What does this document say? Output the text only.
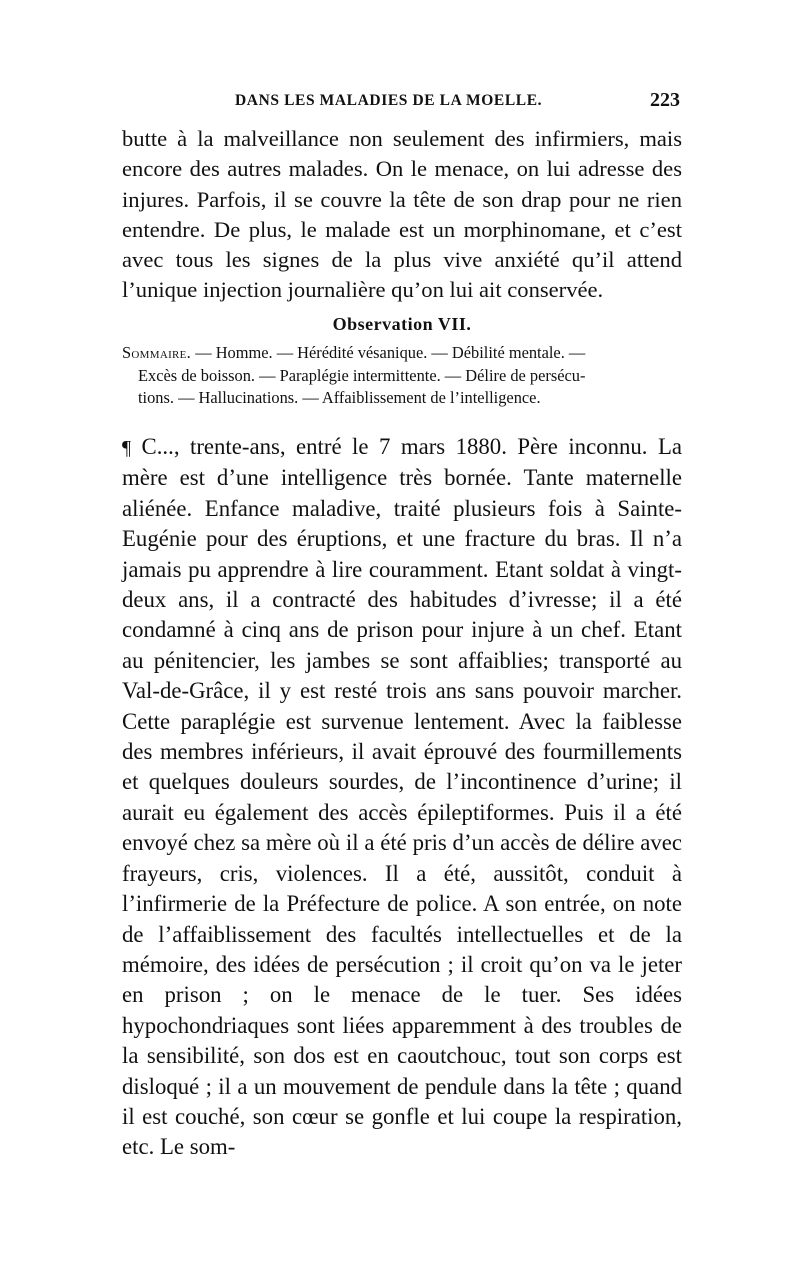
DANS LES MALADIES DE LA MOELLE.	223

butte à la malveillance non seulement des infirmiers, mais encore des autres malades. On le menace, on lui adresse des injures. Parfois, il se couvre la tête de son drap pour ne rien entendre. De plus, le malade est un morphinomane, et c’est avec tous les signes de la plus vive anxiété qu’il attend l’unique injection journalière qu’on lui ait conservée.

Observation VII.

Sommaire. — Homme. — Hérédité vésanique. — Débilité mentale. —
Excès de boisson. — Paraplégie intermittente. — Délire de persécu-
tions. — Hallucinations. — Affaiblissement de l’intelligence.

¶ C..., trente-ans, entré le 7 mars 1880. Père inconnu. La mère est d’une intelligence très bornée. Tante maternelle aliénée. Enfance maladive, traité plusieurs fois à Sainte-Eugénie pour des éruptions, et une fracture du bras. Il n’a jamais pu apprendre à lire couramment. Etant soldat à vingt-deux ans, il a contracté des habitudes d’ivresse; il a été condamné à cinq ans de prison pour injure à un chef. Etant au pénitencier, les jambes se sont affaiblies; transporté au Val-de-Grâce, il y est resté trois ans sans pouvoir marcher. Cette paraplégie est survenue lentement. Avec la faiblesse des membres inférieurs, il avait éprouvé des fourmillements et quelques douleurs sourdes, de l’incontinence d’urine; il aurait eu également des accès épileptiformes. Puis il a été envoyé chez sa mère où il a été pris d’un accès de délire avec frayeurs, cris, violences. Il a été, aussitôt, conduit à l’infirmerie de la Préfecture de police. A son entrée, on note de l’affaiblissement des facultés intellectuelles et de la mémoire, des idées de persécution ; il croit qu’on va le jeter en prison ; on le menace de le tuer. Ses idées hypochondriaques sont liées apparemment à des troubles de la sensibilité, son dos est en caoutchouc, tout son corps est disloqué ; il a un mouvement de pendule dans la tête ; quand il est couché, son cœur se gonfle et lui coupe la respiration, etc. Le som-
